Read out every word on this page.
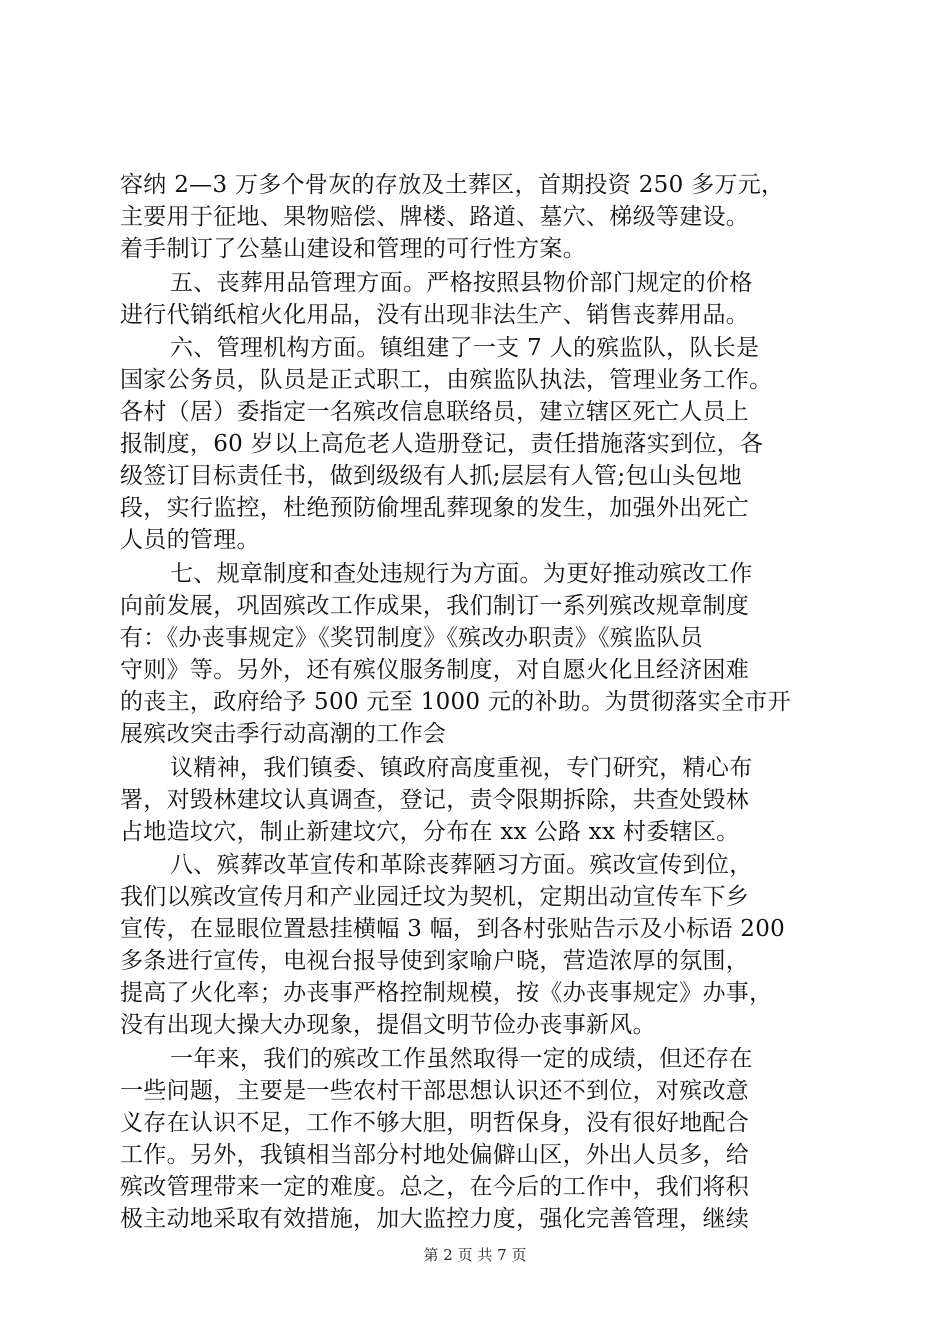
容纳 2—3 万多个骨灰的存放及土葬区，首期投资 250 多万元，

主要用于征地、果物赔偿、牌楼、路道、墓穴、梯级等建设。

着手制订了公墓山建设和管理的可行性方案。

五、丧葬用品管理方面。严格按照县物价部门规定的价格

进行代销纸棺火化用品，没有出现非法生产、销售丧葬用品。

六、管理机构方面。镇组建了一支 7 人的殡监队，队长是

国家公务员，队员是正式职工，由殡监队执法，管理业务工作。

各村（居）委指定一名殡改信息联络员，建立辖区死亡人员上

报制度，60 岁以上高危老人造册登记，责任措施落实到位，各

级签订目标责任书，做到级级有人抓;层层有人管;包山头包地

段，实行监控，杜绝预防偷埋乱葬现象的发生，加强外出死亡

人员的管理。

七、规章制度和查处违规行为方面。为更好推动殡改工作

向前发展，巩固殡改工作成果，我们制订一系列殡改规章制度

有：《办丧事规定》《奖罚制度》《殡改办职责》《殡监队员

守则》等。另外，还有殡仪服务制度，对自愿火化且经济困难

的丧主，政府给予 500 元至 1000 元的补助。为贯彻落实全市开

展殡改突击季行动高潮的工作会

议精神，我们镇委、镇政府高度重视，专门研究，精心布

署，对毁林建坟认真调查，登记，责令限期拆除，共查处毁林

占地造坟穴，制止新建坟穴，分布在 xx 公路 xx 村委辖区。

八、殡葬改革宣传和革除丧葬陋习方面。殡改宣传到位，

我们以殡改宣传月和产业园迁坟为契机，定期出动宣传车下乡

宣传，在显眼位置悬挂横幅 3 幅，到各村张贴告示及小标语 200

多条进行宣传，电视台报导使到家喻户晓，营造浓厚的氛围，

提高了火化率；办丧事严格控制规模，按《办丧事规定》办事，

没有出现大操大办现象，提倡文明节俭办丧事新风。

一年来，我们的殡改工作虽然取得一定的成绩，但还存在

一些问题，主要是一些农村干部思想认识还不到位，对殡改意

义存在认识不足，工作不够大胆，明哲保身，没有很好地配合

工作。另外，我镇相当部分村地处偏僻山区，外出人员多，给

殡改管理带来一定的难度。总之，在今后的工作中，我们将积

极主动地采取有效措施，加大监控力度，强化完善管理，继续

第 2 页 共 7 页
